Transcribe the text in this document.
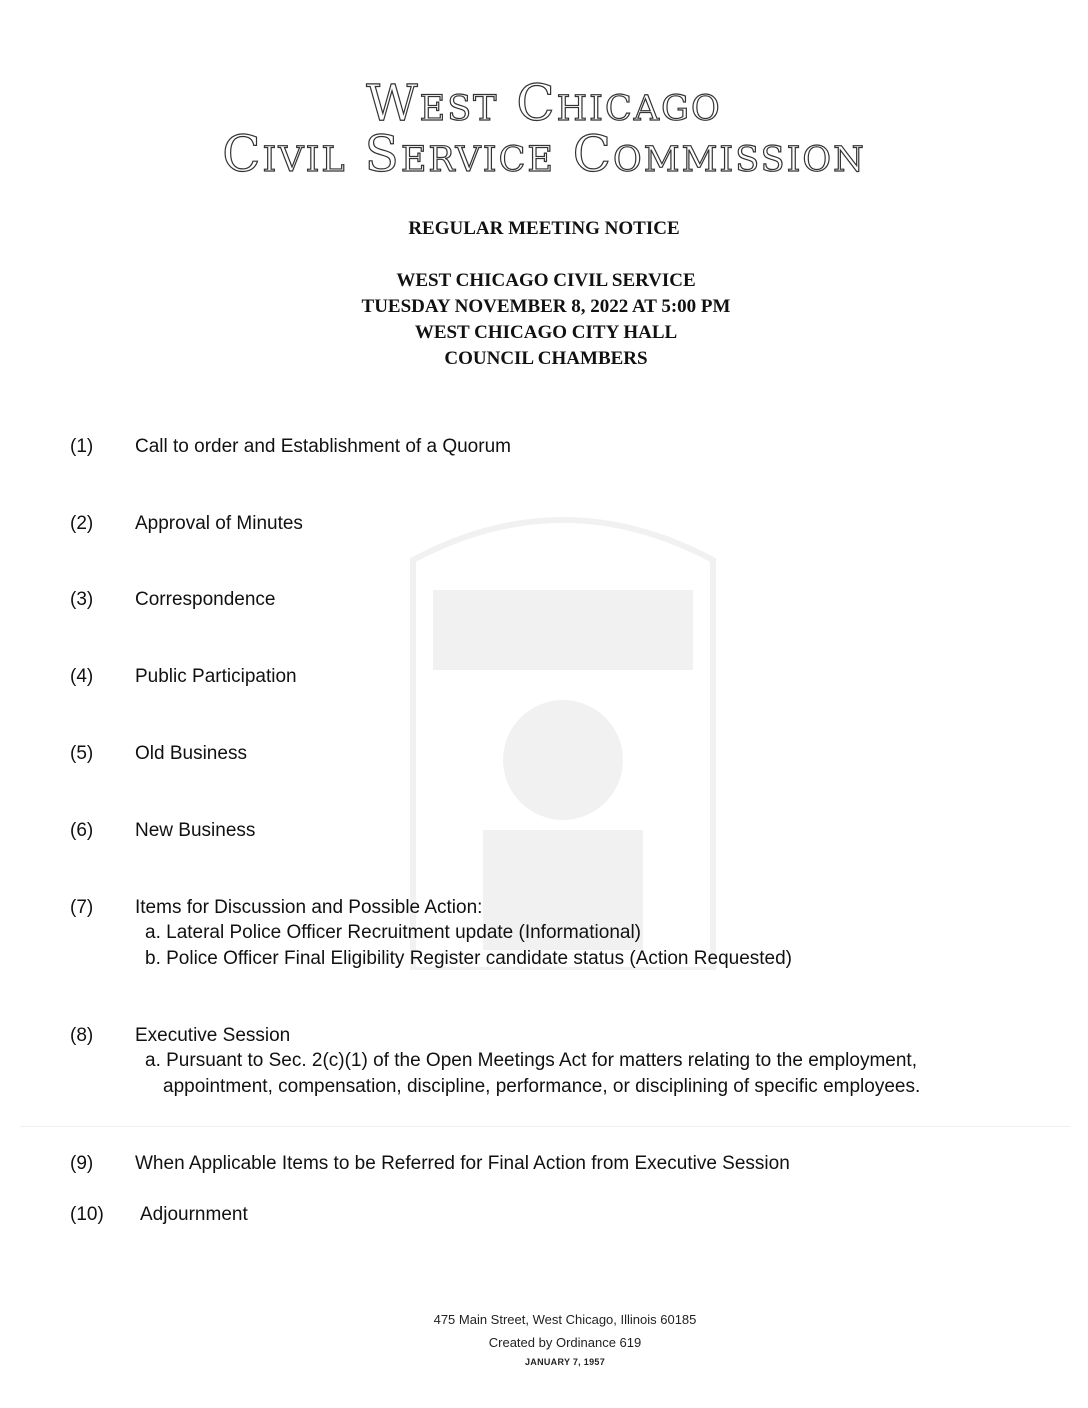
West Chicago
Civil Service Commission
REGULAR MEETING NOTICE
WEST CHICAGO CIVIL SERVICE
TUESDAY NOVEMBER 8, 2022 AT 5:00 PM
WEST CHICAGO CITY HALL
COUNCIL CHAMBERS
(1) Call to order and Establishment of a Quorum
(2) Approval of Minutes
(3) Correspondence
(4) Public Participation
(5) Old Business
(6) New Business
(7) Items for Discussion and Possible Action:
a. Lateral Police Officer Recruitment update (Informational)
b. Police Officer Final Eligibility Register candidate status (Action Requested)
(8) Executive Session
a. Pursuant to Sec. 2(c)(1) of the Open Meetings Act for matters relating to the employment,
appointment, compensation, discipline, performance, or disciplining of specific employees.
(9) When Applicable Items to be Referred for Final Action from Executive Session
(10) Adjournment
475 Main Street, West Chicago, Illinois 60185
Created by Ordinance 619
JANUARY 7, 1957
